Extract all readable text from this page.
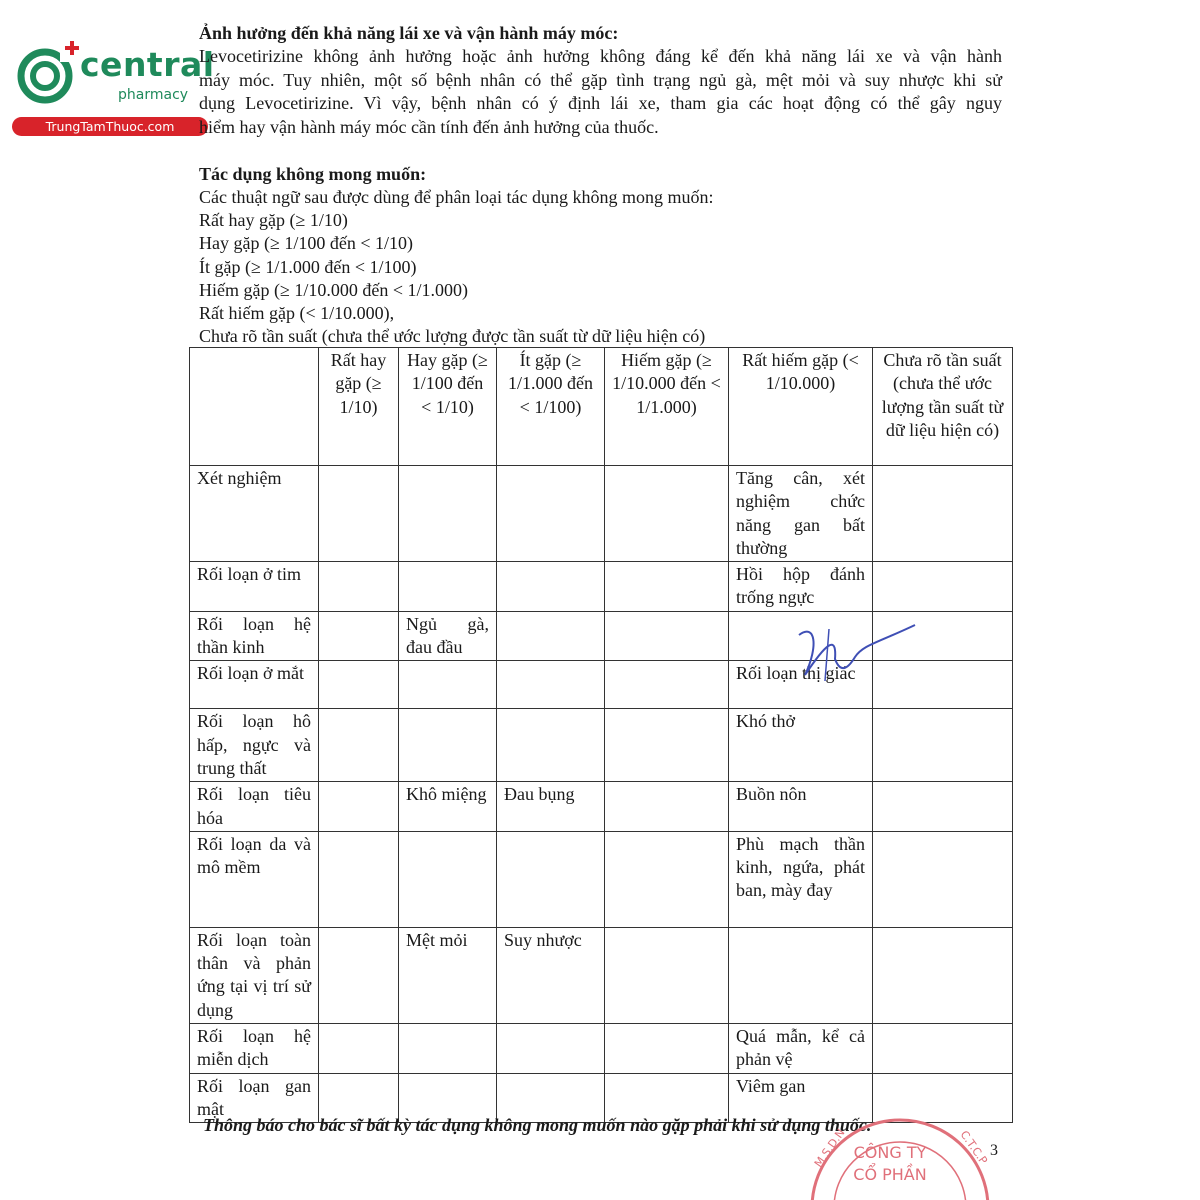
central
pharmacy
TrungTamThuoc.com
Ảnh hưởng đến khả năng lái xe và vận hành máy móc:
Levocetirizine không ảnh hưởng hoặc ảnh hưởng không đáng kể đến khả năng lái xe và vận hành
máy móc. Tuy nhiên, một số bệnh nhân có thể gặp tình trạng ngủ gà, mệt mỏi và suy nhược khi sử
dụng Levocetirizine. Vì vậy, bệnh nhân có ý định lái xe, tham gia các hoạt động có thể gây nguy
hiểm hay vận hành máy móc cần tính đến ảnh hưởng của thuốc.
Tác dụng không mong muốn:
Các thuật ngữ sau được dùng để phân loại tác dụng không mong muốn:
Rất hay gặp (≥ 1/10)
Hay gặp (≥ 1/100 đến < 1/10)
Ít gặp (≥ 1/1.000 đến < 1/100)
Hiếm gặp (≥ 1/10.000 đến < 1/1.000)
Rất hiếm gặp (< 1/10.000),
Chưa rõ tần suất (chưa thể ước lượng được tần suất từ dữ liệu hiện có)
	Rất hay gặp (≥ 1/10)	Hay gặp (≥ 1/100 đến < 1/10)	Ít gặp (≥ 1/1.000 đến < 1/100)	Hiếm gặp (≥ 1/10.000 đến < 1/1.000)	Rất hiếm gặp (< 1/10.000)	Chưa rõ tần suất (chưa thể ước lượng tần suất từ dữ liệu hiện có)
Xét nghiệm					Tăng cân, xét nghiệm chức năng gan bất thường	
Rối loạn ở tim					Hồi hộp đánh trống ngực	
Rối loạn hệ thần kinh		Ngủ gà, đau đầu				
Rối loạn ở mắt					Rối loạn thị giác	
Rối loạn hô hấp, ngực và trung thất					Khó thở	
Rối loạn tiêu hóa		Khô miệng	Đau bụng		Buồn nôn	
Rối loạn da và mô mềm					Phù mạch thần kinh, ngứa, phát ban, mày đay	
Rối loạn toàn thân và phản ứng tại vị trí sử dụng		Mệt mỏi	Suy nhược			
Rối loạn hệ miễn dịch					Quá mẫn, kể cả phản vệ	
Rối loạn gan mật					Viêm gan	
Thông báo cho bác sĩ bất kỳ tác dụng không mong muốn nào gặp phải khi sử dụng thuốc.
3
M.S.D.N	C.T.C.P
CÔNG TY
CỔ PHẦN
